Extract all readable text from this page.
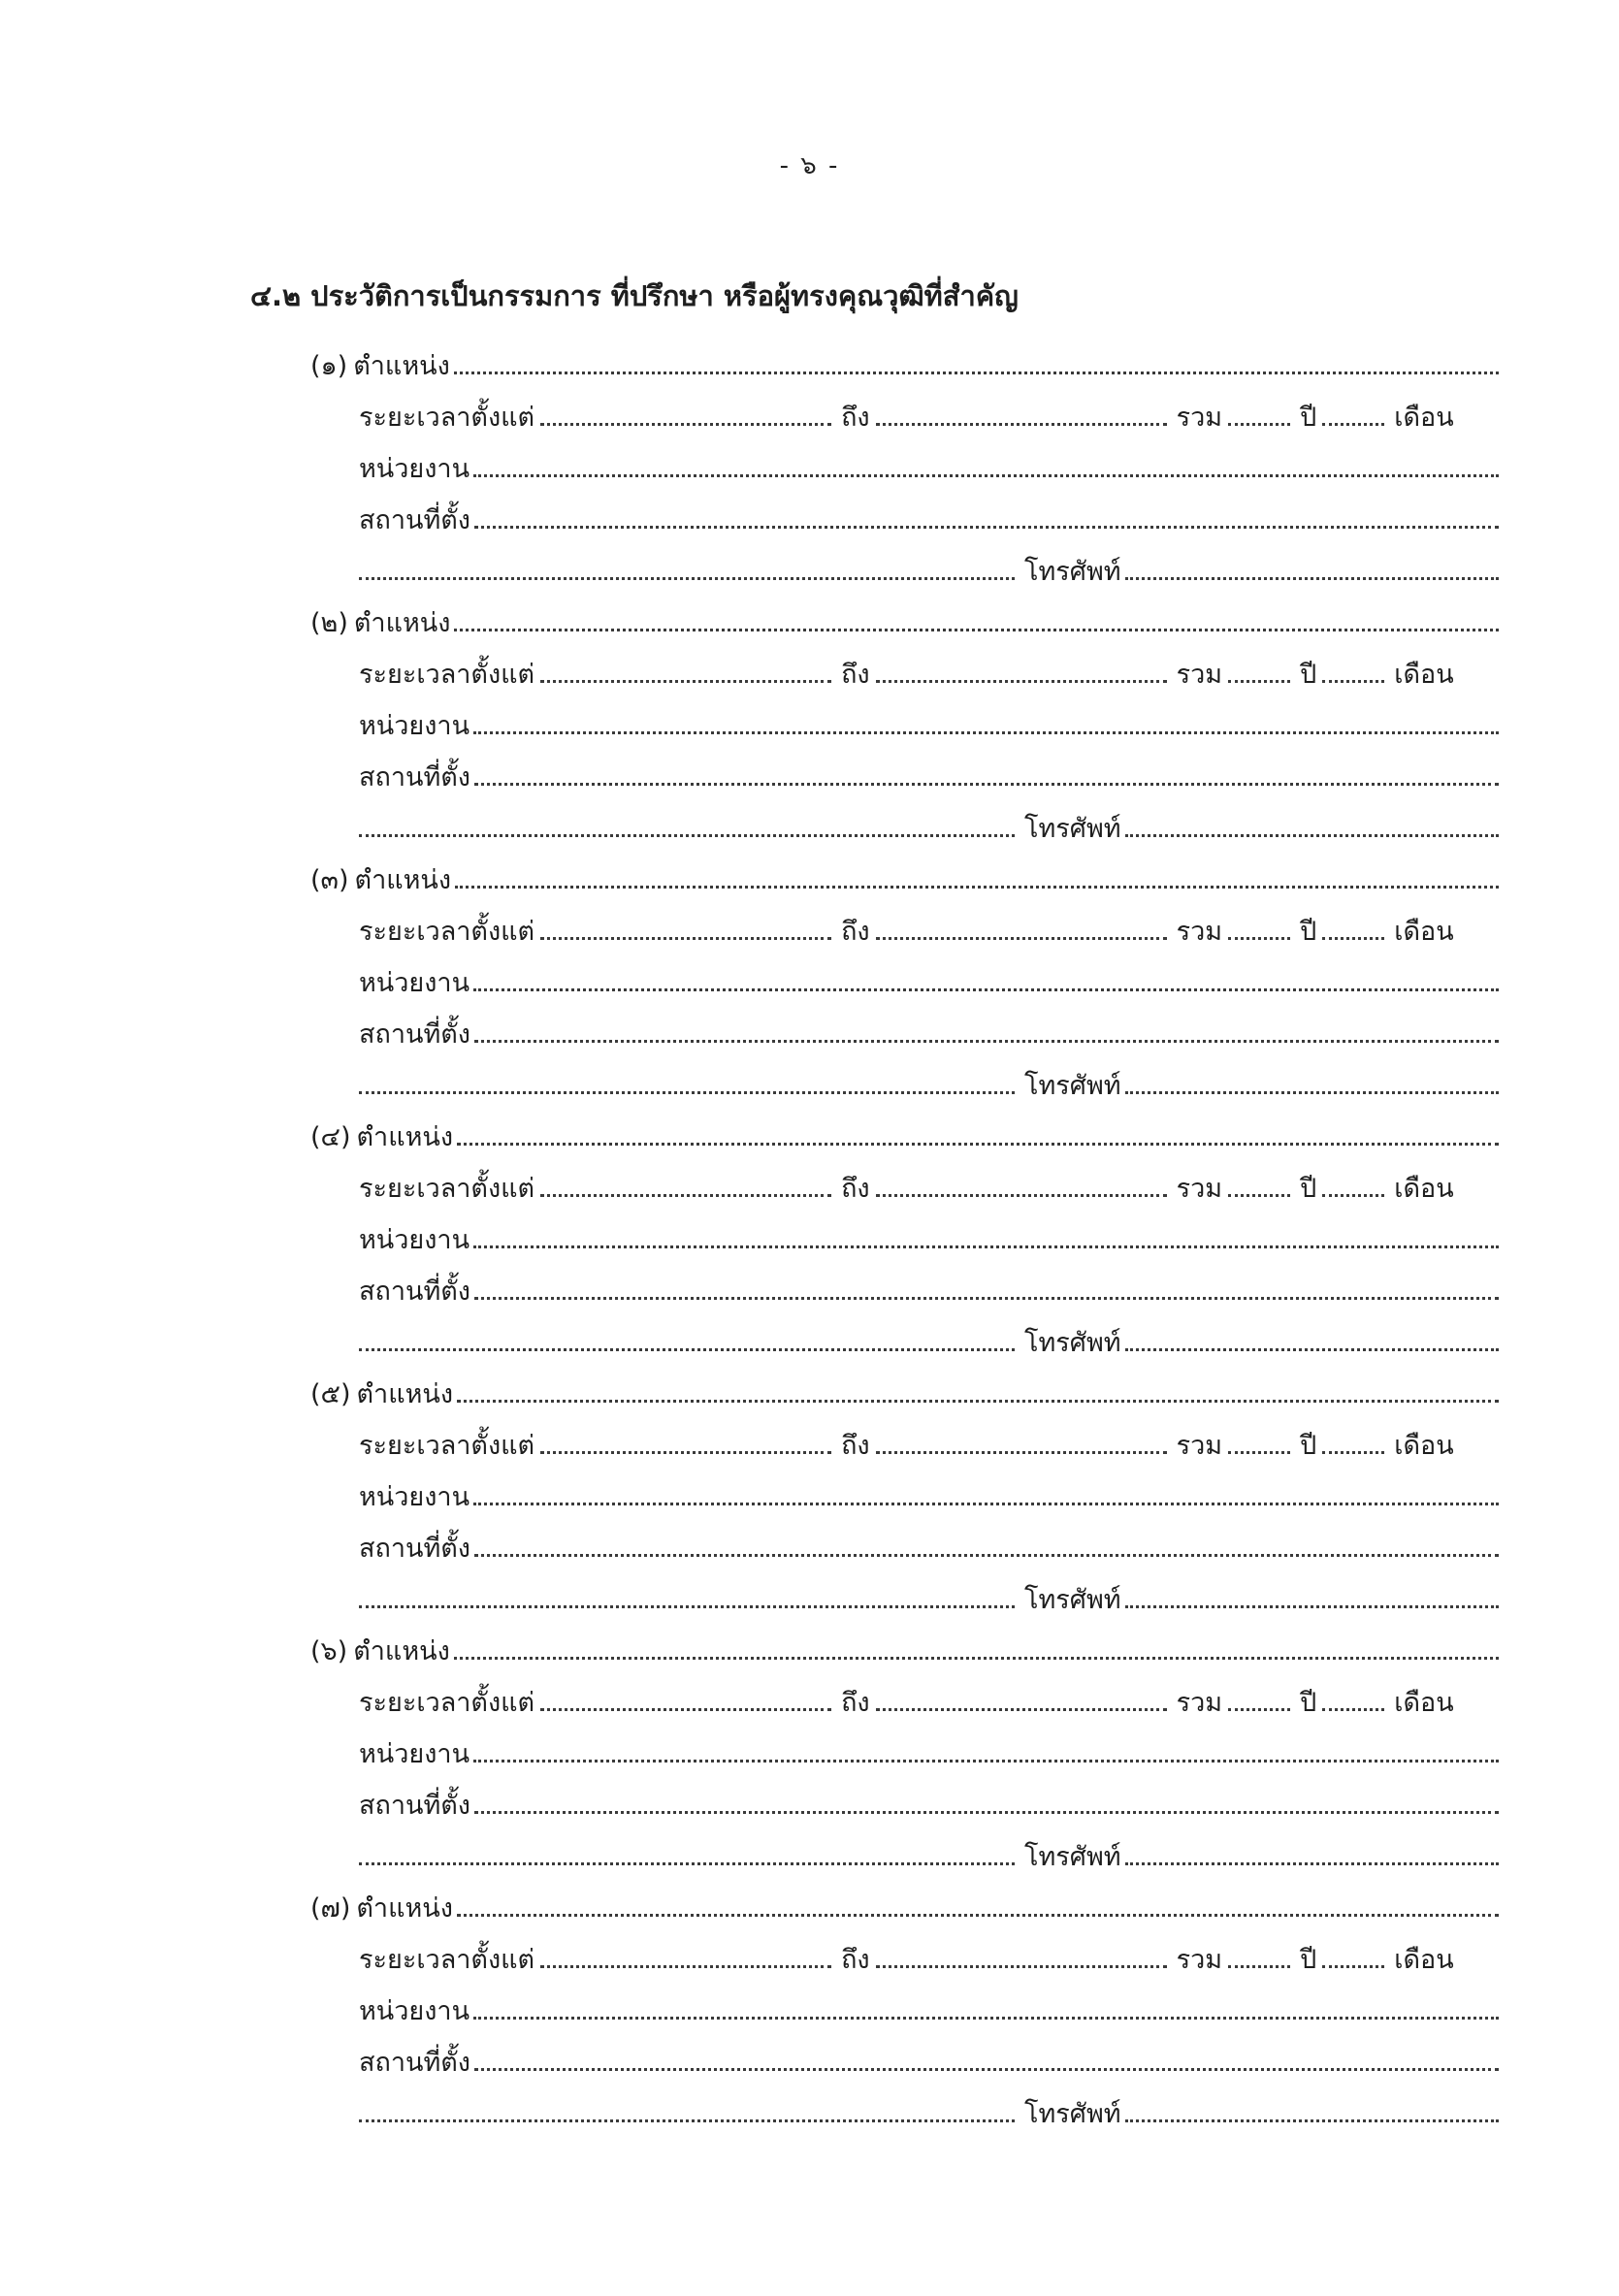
- ๖ -
๔.๒ ประวัติการเป็นกรรมการ ที่ปรึกษา หรือผู้ทรงคุณวุฒิที่สำคัญ
(๑) ตำแหน่ง
ระยะเวลาตั้งแต่	ถึง	รวม	ปี	เดือน
หน่วยงาน
สถานที่ตั้ง
โทรศัพท์
(๒) ตำแหน่ง
ระยะเวลาตั้งแต่	ถึง	รวม	ปี	เดือน
หน่วยงาน
สถานที่ตั้ง
โทรศัพท์
(๓) ตำแหน่ง
ระยะเวลาตั้งแต่	ถึง	รวม	ปี	เดือน
หน่วยงาน
สถานที่ตั้ง
โทรศัพท์
(๔) ตำแหน่ง
ระยะเวลาตั้งแต่	ถึง	รวม	ปี	เดือน
หน่วยงาน
สถานที่ตั้ง
โทรศัพท์
(๕) ตำแหน่ง
ระยะเวลาตั้งแต่	ถึง	รวม	ปี	เดือน
หน่วยงาน
สถานที่ตั้ง
โทรศัพท์
(๖) ตำแหน่ง
ระยะเวลาตั้งแต่	ถึง	รวม	ปี	เดือน
หน่วยงาน
สถานที่ตั้ง
โทรศัพท์
(๗) ตำแหน่ง
ระยะเวลาตั้งแต่	ถึง	รวม	ปี	เดือน
หน่วยงาน
สถานที่ตั้ง
โทรศัพท์
